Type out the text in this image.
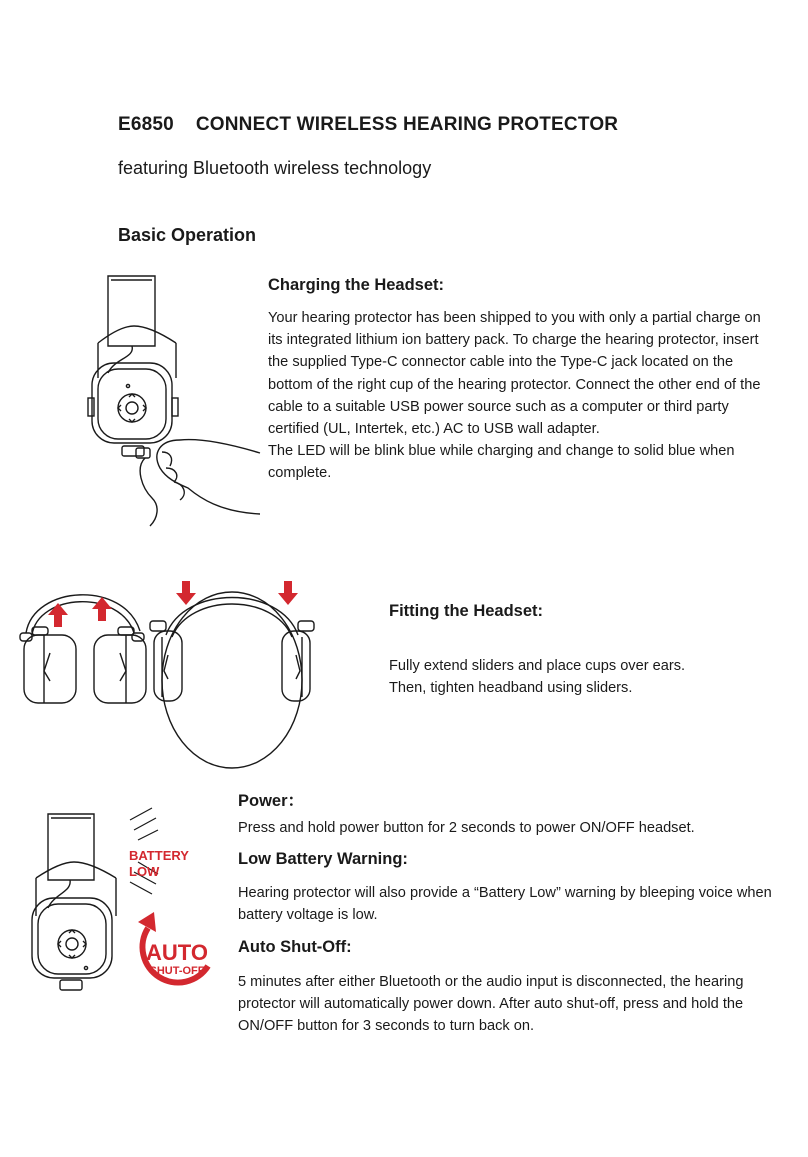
E6850    CONNECT WIRELESS HEARING PROTECTOR
featuring Bluetooth wireless technology
Basic Operation
Charging the Headset:

Your hearing protector has been shipped to you with only a partial charge on its integrated lithium ion battery pack. To charge the hearing protector, insert the supplied Type-C connector cable into the Type-C jack located on the bottom of the right cup of the hearing protector. Connect the other end of the cable to a suitable USB power source such as a computer or third party certified (UL, Intertek, etc.) AC to USB wall adapter.

The LED will be blink blue while charging and change to solid blue when complete.

Fitting the Headset:

Fully extend sliders and place cups over ears.

Then, tighten headband using sliders.

BATTERY
LOW
AUTO
SHUT-OFF
Power：
Press and hold power button for 2 seconds to power ON/OFF headset.
Low Battery Warning:
Hearing protector will also provide a “Battery Low” warning by bleeping voice when battery voltage is low.
Auto Shut-Off:
5 minutes after either Bluetooth or the audio input is disconnected, the hearing protector will automatically power down. After auto shut-off, press and hold the ON/OFF button for 3 seconds to turn back on.
